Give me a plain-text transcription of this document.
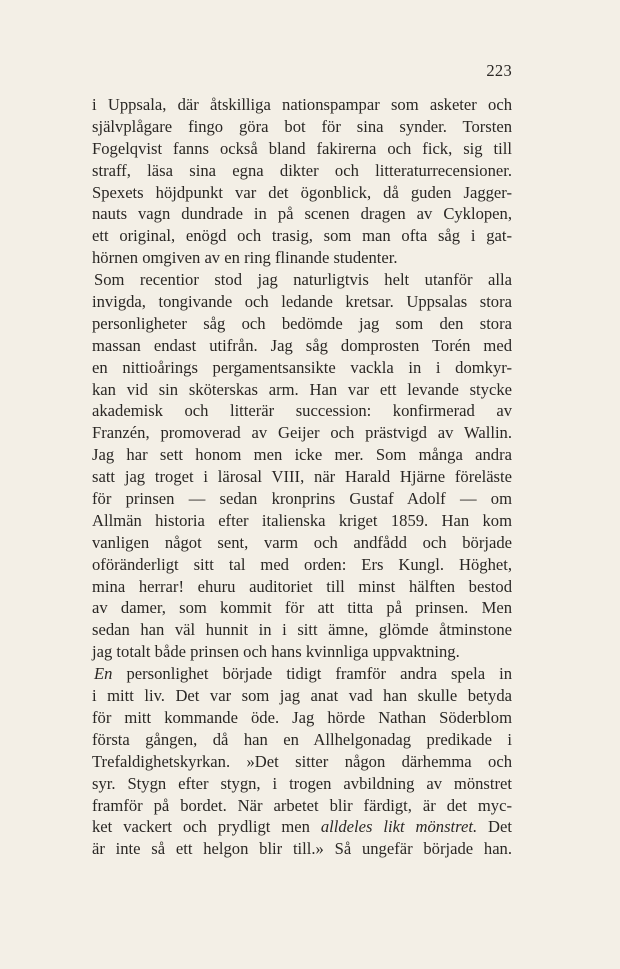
223
i Uppsala, där åtskilliga nationspampar som asketer och
självplågare fingo göra bot för sina synder. Torsten
Fogelqvist fanns också bland fakirerna och fick, sig till
straff, läsa sina egna dikter och litteraturrecensioner.
Spexets höjdpunkt var det ögonblick, då guden Jagger-
nauts vagn dundrade in på scenen dragen av Cyklopen,
ett original, enögd och trasig, som man ofta såg i gat-
hörnen omgiven av en ring flinande studenter.
Som recentior stod jag naturligtvis helt utanför alla
invigda, tongivande och ledande kretsar. Uppsalas stora
personligheter såg och bedömde jag som den stora
massan endast utifrån. Jag såg domprosten Torén med
en nittioårings pergamentsansikte vackla in i domkyr-
kan vid sin sköterskas arm. Han var ett levande stycke
akademisk och litterär succession: konfirmerad av
Franzén, promoverad av Geijer och prästvigd av Wallin.
Jag har sett honom men icke mer. Som många andra
satt jag troget i lärosal VIII, när Harald Hjärne föreläste
för prinsen — sedan kronprins Gustaf Adolf — om
Allmän historia efter italienska kriget 1859. Han kom
vanligen något sent, varm och andfådd och började
oföränderligt sitt tal med orden: Ers Kungl. Höghet,
mina herrar! ehuru auditoriet till minst hälften bestod
av damer, som kommit för att titta på prinsen. Men
sedan han väl hunnit in i sitt ämne, glömde åtminstone
jag totalt både prinsen och hans kvinnliga uppvaktning.
En personlighet började tidigt framför andra spela in
i mitt liv. Det var som jag anat vad han skulle betyda
för mitt kommande öde. Jag hörde Nathan Söderblom
första gången, då han en Allhelgonadag predikade i
Trefaldighetskyrkan. »Det sitter någon därhemma och
syr. Stygn efter stygn, i trogen avbildning av mönstret
framför på bordet. När arbetet blir färdigt, är det myc-
ket vackert och prydligt men alldeles likt mönstret. Det
är inte så ett helgon blir till.» Så ungefär började han.
